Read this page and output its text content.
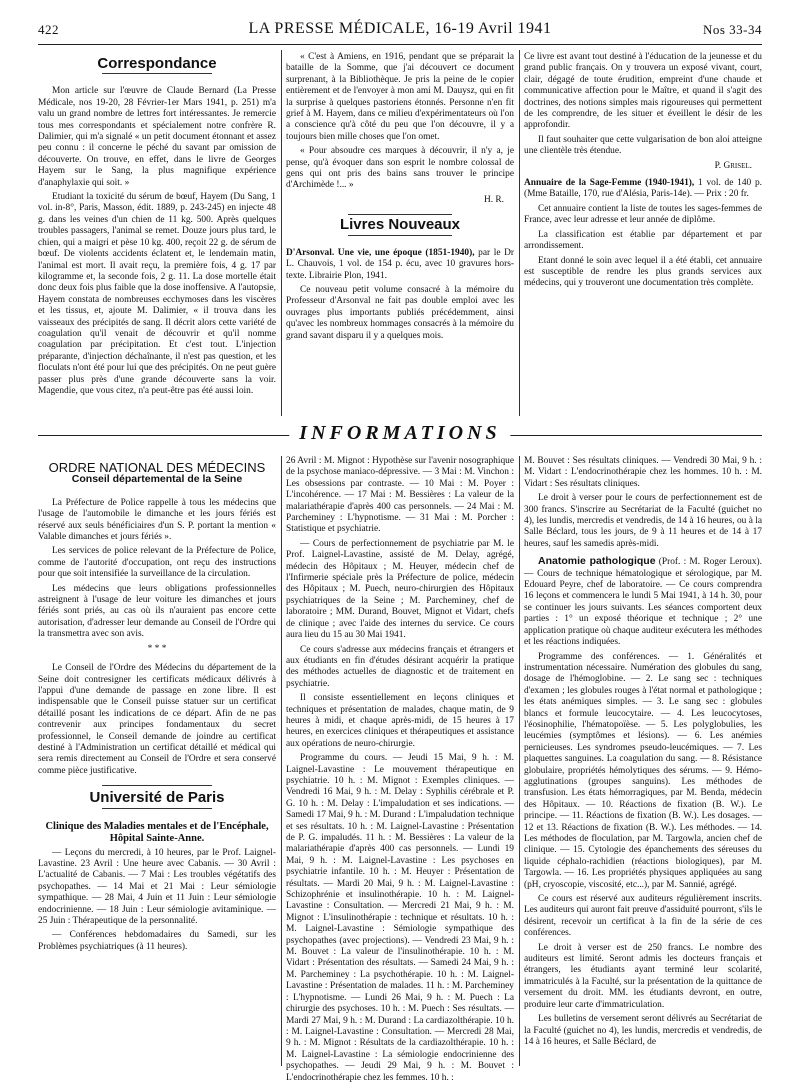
422	LA PRESSE MÉDICALE, 16-19 Avril 1941	Nos 33-34
Correspondance

Mon article sur l'œuvre de Claude Bernard (La Presse Médicale, nos 19-20, 28 Février-1er Mars 1941, p. 251) m'a valu un grand nombre de lettres fort intéressantes. Je remercie tous mes correspondants et spécialement notre confrère R. Dalimier, qui m'a signalé « un petit document étonnant et assez peu connu : il concerne le péché du savant par omission de découverte. On trouve, en effet, dans le livre de Georges Hayem sur le Sang, la plus magnifique expérience d'anaphylaxie qui soit. »

Etudiant la toxicité du sérum de bœuf, Hayem (Du Sang, 1 vol. in-8°, Paris, Masson, édit. 1889, p. 243-245) en injecte 48 g. dans les veines d'un chien de 11 kg. 500. Après quelques troubles passagers, l'animal se remet. Douze jours plus tard, le chien, qui a maigri et pèse 10 kg. 400, reçoit 22 g. de sérum de bœuf. De violents accidents éclatent et, le lendemain matin, l'animal est mort. Il avait reçu, la première fois, 4 g. 17 par kilogramme et, la seconde fois, 2 g. 11. La dose mortelle était donc deux fois plus faible que la dose inoffensive. A l'autopsie, Hayem constata de nombreuses ecchymoses dans les viscères et les tissus, et, ajoute M. Dalimier, « il trouva dans les vaisseaux des précipités de sang. Il décrit alors cette variété de coagulation qu'il venait de découvrir et qu'il nomme coagulation par précipitation. Et c'est tout. L'injection préparante, d'injection déchaînante, il n'est pas question, et les floculats n'ont été pour lui que des précipités. On ne peut guère passer plus près d'une grande découverte sans la voir. Magendie, que vous citez, n'a peut-être pas été aussi loin.

« C'est à Amiens, en 1916, pendant que se préparait la bataille de la Somme, que j'ai découvert ce document surprenant, à la Bibliothèque. Je pris la peine de le copier entièrement et de l'envoyer à mon ami M. Dauysz, qui en fit la surprise à quelques pastoriens étonnés. Personne n'en fit grief à M. Hayem, dans ce milieu d'expérimentateurs où l'on a conscience qu'à côté du peu que l'on découvre, il y a toujours bien mille choses que l'on omet.

« Pour absoudre ces marques à découvrir, il n'y a, je pense, qu'à évoquer dans son esprit le nombre colossal de gens qui ont pris des bains sans trouver le principe d'Archimède !... »

H. R.
Livres Nouveaux

D'Arsonval. Une vie, une époque (1851-1940), par le Dr L. Chauvois, 1 vol. de 154 p. écu, avec 10 gravures hors-texte. Librairie Plon, 1941.

Ce nouveau petit volume consacré à la mémoire du Professeur d'Arsonval ne fait pas double emploi avec les ouvrages plus importants publiés précédemment, ainsi qu'avec les nombreux hommages consacrés à la mémoire du grand savant disparu il y a quelques mois.

Ce livre est avant tout destiné à l'éducation de la jeunesse et du grand public français. On y trouvera un exposé vivant, court, clair, dégagé de toute érudition, empreint d'une chaude et communicative affection pour le Maître, et quand il s'agit des doctrines, des notions simples mais rigoureuses qui permettent de les comprendre, de les situer et éveillent le désir de les approfondir.

Il faut souhaiter que cette vulgarisation de bon aloi atteigne une clientèle très étendue.

P. Grisel.

Annuaire de la Sage-Femme (1940-1941), 1 vol. de 140 p. (Mme Bataille, 170, rue d'Alésia, Paris-14e). — Prix : 20 fr.

Cet annuaire contient la liste de toutes les sages-femmes de France, avec leur adresse et leur année de diplôme.

La classification est établie par département et par arrondissement.

Etant donné le soin avec lequel il a été établi, cet annuaire est susceptible de rendre les plus grands services aux médecins, qui y trouveront une documentation très complète.

INFORMATIONS
ORDRE NATIONAL DES MÉDECINS
Conseil départemental de la Seine

La Préfecture de Police rappelle à tous les médecins que l'usage de l'automobile le dimanche et les jours fériés est réservé aux seuls bénéficiaires d'un S. P. portant la mention « Valable dimanches et jours fériés ».

Les services de police relevant de la Préfecture de Police, comme de l'autorité d'occupation, ont reçu des instructions pour que soit intensifiée la surveillance de la circulation.

Les médecins que leurs obligations professionnelles astreignent à l'usage de leur voiture les dimanches et jours fériés sont priés, au cas où ils n'auraient pas encore cette autorisation, d'adresser leur demande au Conseil de l'Ordre qui la transmettra avec son avis.

* * *

Le Conseil de l'Ordre des Médecins du département de la Seine doit contresigner les certificats médicaux délivrés à l'appui d'une demande de passage en zone libre. Il est indispensable que le Conseil puisse statuer sur un certificat détaillé posant les indications de ce départ. Afin de ne pas contrevenir aux principes fondamentaux du secret professionnel, le Conseil demande de joindre au certificat destiné à l'Administration un certificat détaillé et médical qui sera remis directement au Conseil de l'Ordre et sera conservé comme pièce justificative.

Université de Paris
Clinique des Maladies mentales et de l'Encéphale, Hôpital Sainte-Anne.

— Leçons du mercredi, à 10 heures, par le Prof. Laignel-Lavastine. 23 Avril : Une heure avec Cabanis. — 30 Avril : L'actualité de Cabanis. — 7 Mai : Les troubles végétatifs des psychopathes. — 14 Mai et 21 Mai : Leur sémiologie sympathique. — 28 Mai, 4 Juin et 11 Juin : Leur sémiologie endocrinienne. — 18 Juin : Leur sémiologie avitaminique. — 25 Juin : Thérapeutique de la personnalité.

— Conférences hebdomadaires du Samedi, sur les Problèmes psychiatriques (à 11 heures).

26 Avril : M. Mignot : Hypothèse sur l'avenir nosographique de la psychose maniaco-dépressive. — 3 Mai : M. Vinchon : Les obsessions par contraste. — 10 Mai : M. Poyer : L'incohérence. — 17 Mai : M. Bessières : La valeur de la malariathérapie d'après 400 cas personnels. — 24 Mai : M. Parcheminey : L'hypnotisme. — 31 Mai : M. Porcher : Statistique et psychiatrie.

— Cours de perfectionnement de psychiatrie par M. le Prof. Laignel-Lavastine, assisté de M. Delay, agrégé, médecin des Hôpitaux ; M. Heuyer, médecin chef de l'Infirmerie spéciale près la Préfecture de police, médecin des Hôpitaux ; M. Puech, neuro-chirurgien des Hôpitaux psychiatriques de la Seine ; M. Parcheminey, chef de laboratoire ; MM. Durand, Bouvet, Mignot et Vidart, chefs de clinique ; avec l'aide des internes du service. Ce cours aura lieu du 15 au 30 Mai 1941.

Ce cours s'adresse aux médecins français et étrangers et aux étudiants en fin d'études désirant acquérir la pratique des méthodes actuelles de diagnostic et de traitement en psychiatrie.

Il consiste essentiellement en leçons cliniques et techniques et présentation de malades, chaque matin, de 9 heures à midi, et chaque après-midi, de 15 heures à 17 heures, en exercices cliniques et thérapeutiques et assistance aux opérations de neuro-chirurgie.

Programme du cours. — Jeudi 15 Mai, 9 h. : M. Laignel-Lavastine : Le mouvement thérapeutique en psychiatrie. 10 h. : M. Mignot : Exemples cliniques. — Vendredi 16 Mai, 9 h. : M. Delay : Syphilis cérébrale et P. G. 10 h. : M. Delay : L'impaludation et ses indications. — Samedi 17 Mai, 9 h. : M. Durand : L'impaludation technique et ses résultats. 10 h. : M. Laignel-Lavastine : Présentation de P. G. impaludés. 11 h. : M. Bessières : La valeur de la malariathérapie d'après 400 cas personnels. — Lundi 19 Mai, 9 h. : M. Laignel-Lavastine : Les psychoses en psychiatrie infantile. 10 h. : M. Heuyer : Présentation de résultats. — Mardi 20 Mai, 9 h. : M. Laignel-Lavastine : Schizophrénie et insulinothérapie. 10 h. : M. Laignel-Lavastine : Consultation. — Mercredi 21 Mai, 9 h. : M. Mignot : L'insulinothérapie : technique et résultats. 10 h. : M. Laignel-Lavastine : Sémiologie sympathique des psychopathes (avec projections). — Vendredi 23 Mai, 9 h. : M. Bouvet : La valeur de l'insulinothérapie. 10 h. : M. Vidart : Présentation des résultats. — Samedi 24 Mai, 9 h. : M. Parcheminey : La psychothérapie. 10 h. : M. Laignel-Lavastine : Présentation de malades. 11 h. : M. Parcheminey : L'hypnotisme. — Lundi 26 Mai, 9 h. : M. Puech : La chirurgie des psychoses. 10 h. : M. Puech : Ses résultats. — Mardi 27 Mai, 9 h. : M. Durand : La cardiazolthérapie. 10 h. : M. Laignel-Lavastine : Consultation. — Mercredi 28 Mai, 9 h. : M. Mignot : Résultats de la cardiazolthérapie. 10 h. : M. Laignel-Lavastine : La sémiologie endocrinienne des psychopathes. — Jeudi 29 Mai, 9 h. : M. Bouvet : L'endocrinothérapie chez les femmes. 10 h. :

M. Bouvet : Ses résultats cliniques. — Vendredi 30 Mai, 9 h. : M. Vidart : L'endocrinothérapie chez les hommes. 10 h. : M. Vidart : Ses résultats cliniques.

Le droit à verser pour le cours de perfectionnement est de 300 francs. S'inscrire au Secrétariat de la Faculté (guichet no 4), les lundis, mercredis et vendredis, de 14 à 16 heures, ou à la Salle Béclard, tous les jours, de 9 à 11 heures et de 14 à 17 heures, sauf les samedis après-midi.

Anatomie pathologique (Prof. : M. Roger Leroux). — Cours de technique hématologique et sérologique, par M. Edouard Peyre, chef de laboratoire. — Ce cours comprendra 16 leçons et commencera le lundi 5 Mai 1941, à 14 h. 30, pour se continuer les jours suivants. Les séances comportent deux parties : 1° un exposé théorique et technique ; 2° une application pratique où chaque auditeur exécutera les méthodes et les réactions indiquées.

Programme des conférences. — 1. Généralités et instrumentation nécessaire. Numération des globules du sang, dosage de l'hémoglobine. — 2. Le sang sec : techniques d'examen ; les globules rouges à l'état normal et pathologique ; les états anémiques simples. — 3. Le sang sec : globules blancs et formule leucocytaire. — 4. Les leucocytoses, l'éosinophilie, l'hématopoïèse. — 5. Les polyglobulies, les leucémies (symptômes et lésions). — 6. Les anémies pernicieuses. Les syndromes pseudo-leucémiques. — 7. Les plaquettes sanguines. La coagulation du sang. — 8. Résistance globulaire, propriétés hémolytiques des sérums. — 9. Hémo-agglutinations (groupes sanguins). Les méthodes de transfusion. Les états hémorragiques, par M. Benda, médecin des Hôpitaux. — 10. Réactions de fixation (B. W.). Le principe. — 11. Réactions de fixation (B. W.). Les dosages. — 12 et 13. Réactions de fixation (B. W.). Les méthodes. — 14. Les méthodes de floculation, par M. Targowla, ancien chef de clinique. — 15. Cytologie des épanchements des séreuses du liquide céphalo-rachidien (réactions biologiques), par M. Targowla. — 16. Les propriétés physiques appliquées au sang (pH, cryoscopie, viscosité, etc...), par M. Sannié, agrégé.

Ce cours est réservé aux auditeurs régulièrement inscrits. Les auditeurs qui auront fait preuve d'assiduité pourront, s'ils le désirent, recevoir un certificat à la fin de la série de ces conférences.

Le droit à verser est de 250 francs. Le nombre des auditeurs est limité. Seront admis les docteurs français et étrangers, les étudiants ayant terminé leur scolarité, immatriculés à la Faculté, sur la présentation de la quittance de versement du droit. MM. les étudiants devront, en outre, produire leur carte d'immatriculation.

Les bulletins de versement seront délivrés au Secrétariat de la Faculté (guichet no 4), les lundis, mercredis et vendredis, de 14 à 16 heures, et Salle Béclard, de
